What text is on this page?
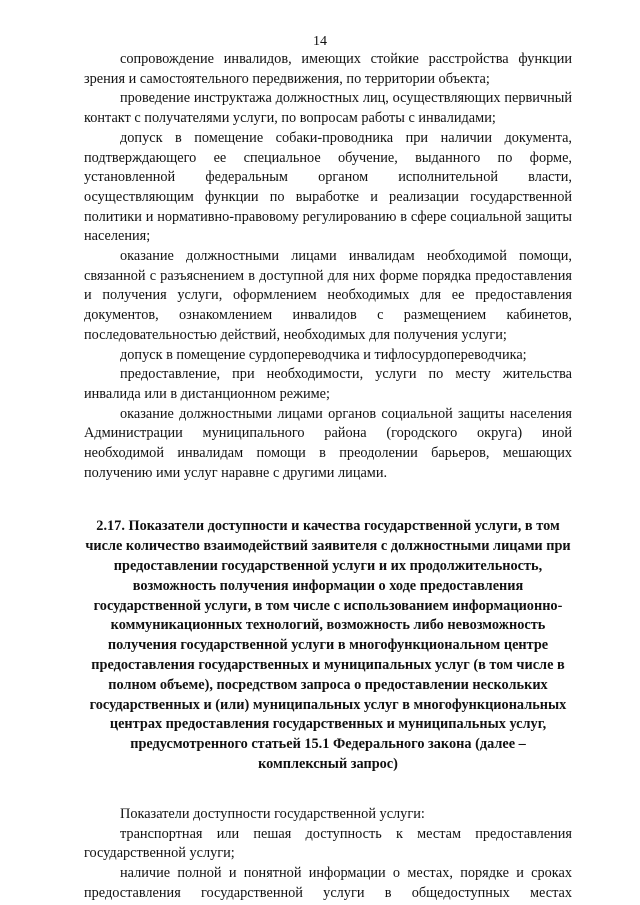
14

сопровождение инвалидов, имеющих стойкие расстройства функции зрения и самостоятельного передвижения, по территории объекта;

проведение инструктажа должностных лиц, осуществляющих первичный контакт с получателями услуги, по вопросам работы с инвалидами;

допуск в помещение собаки-проводника при наличии документа, подтверждающего ее специальное обучение, выданного по форме, установленной федеральным органом исполнительной власти, осуществляющим функции по выработке и реализации государственной политики и нормативно-правовому регулированию в сфере социальной защиты населения;

оказание должностными лицами инвалидам необходимой помощи, связанной с разъяснением в доступной для них форме порядка предоставления и получения услуги, оформлением необходимых для ее предоставления документов, ознакомлением инвалидов с размещением кабинетов, последовательностью действий, необходимых для получения услуги;

допуск в помещение сурдопереводчика и тифлосурдопереводчика;

предоставление, при необходимости, услуги по месту жительства инвалида или в дистанционном режиме;

оказание должностными лицами органов социальной защиты населения Администрации муниципального района (городского округа) иной необходимой инвалидам помощи в преодолении барьеров, мешающих получению ими услуг наравне с другими лицами.

2.17. Показатели доступности и качества государственной услуги, в том числе количество взаимодействий заявителя с должностными лицами при предоставлении государственной услуги и их продолжительность, возможность получения информации о ходе предоставления государственной услуги, в том числе с использованием информационно-коммуникационных технологий, возможность либо невозможность получения государственной услуги в многофункциональном центре предоставления государственных и муниципальных услуг (в том числе в полном объеме), посредством запроса о предоставлении нескольких государственных и (или) муниципальных услуг в многофункциональных центрах предоставления государственных и муниципальных услуг, предусмотренного статьей 15.1 Федерального закона (далее – комплексный запрос)

Показатели доступности государственной услуги:

транспортная или пешая доступность к местам предоставления государственной услуги;

наличие полной и понятной информации о местах, порядке и сроках предоставления государственной услуги в общедоступных местах
